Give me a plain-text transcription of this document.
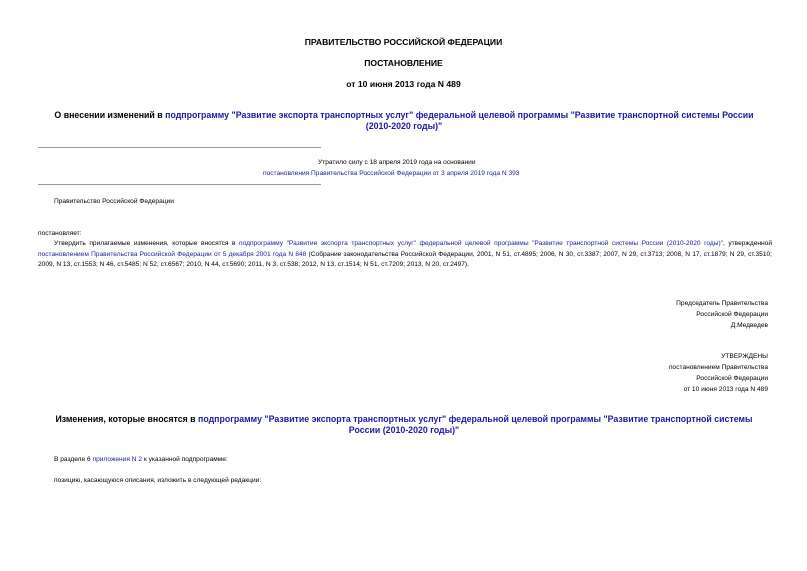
ПРАВИТЕЛЬСТВО РОССИЙСКОЙ ФЕДЕРАЦИИ
ПОСТАНОВЛЕНИЕ
от 10 июня 2013 года N 489
О внесении изменений в подпрограмму "Развитие экспорта транспортных услуг" федеральной целевой программы "Развитие транспортной системы России (2010-2020 годы)"
Утратило силу с 18 апреля 2019 года на основании
постановления Правительства Российской Федерации от 3 апреля 2019 года N 393
Правительство Российской Федерации
постановляет:
Утвердить прилагаемые изменения, которые вносятся в подпрограмму "Развитие экспорта транспортных услуг" федеральной целевой программы "Развитие транспортной системы России (2010-2020 годы)", утвержденной постановлением Правительства Российской Федерации от 5 декабря 2001 года N 848 (Собрание законодательства Российской Федерации, 2001, N 51, ст.4895; 2006, N 30, ст.3387; 2007, N 29, ст.3713; 2008, N 17, ст.1879; N 29, ст.3510; 2009, N 13, ст.1553; N 46, ст.5485; N 52, ст.6567; 2010, N 44, ст.5690; 2011, N 3, ст.538; 2012, N 13, ст.1514; N 51, ст.7209; 2013, N 20, ст.2497).
Председатель Правительства
Российской Федерации
Д.Медведев
УТВЕРЖДЕНЫ
постановлением Правительства
Российской Федерации
от 10 июня 2013 года N 489
Изменения, которые вносятся в подпрограмму "Развитие экспорта транспортных услуг" федеральной целевой программы "Развитие транспортной системы России (2010-2020 годы)"
В разделе 6 приложения N 2 к указанной подпрограмме:
позицию, касающуюся описания, изложить в следующей редакции:
